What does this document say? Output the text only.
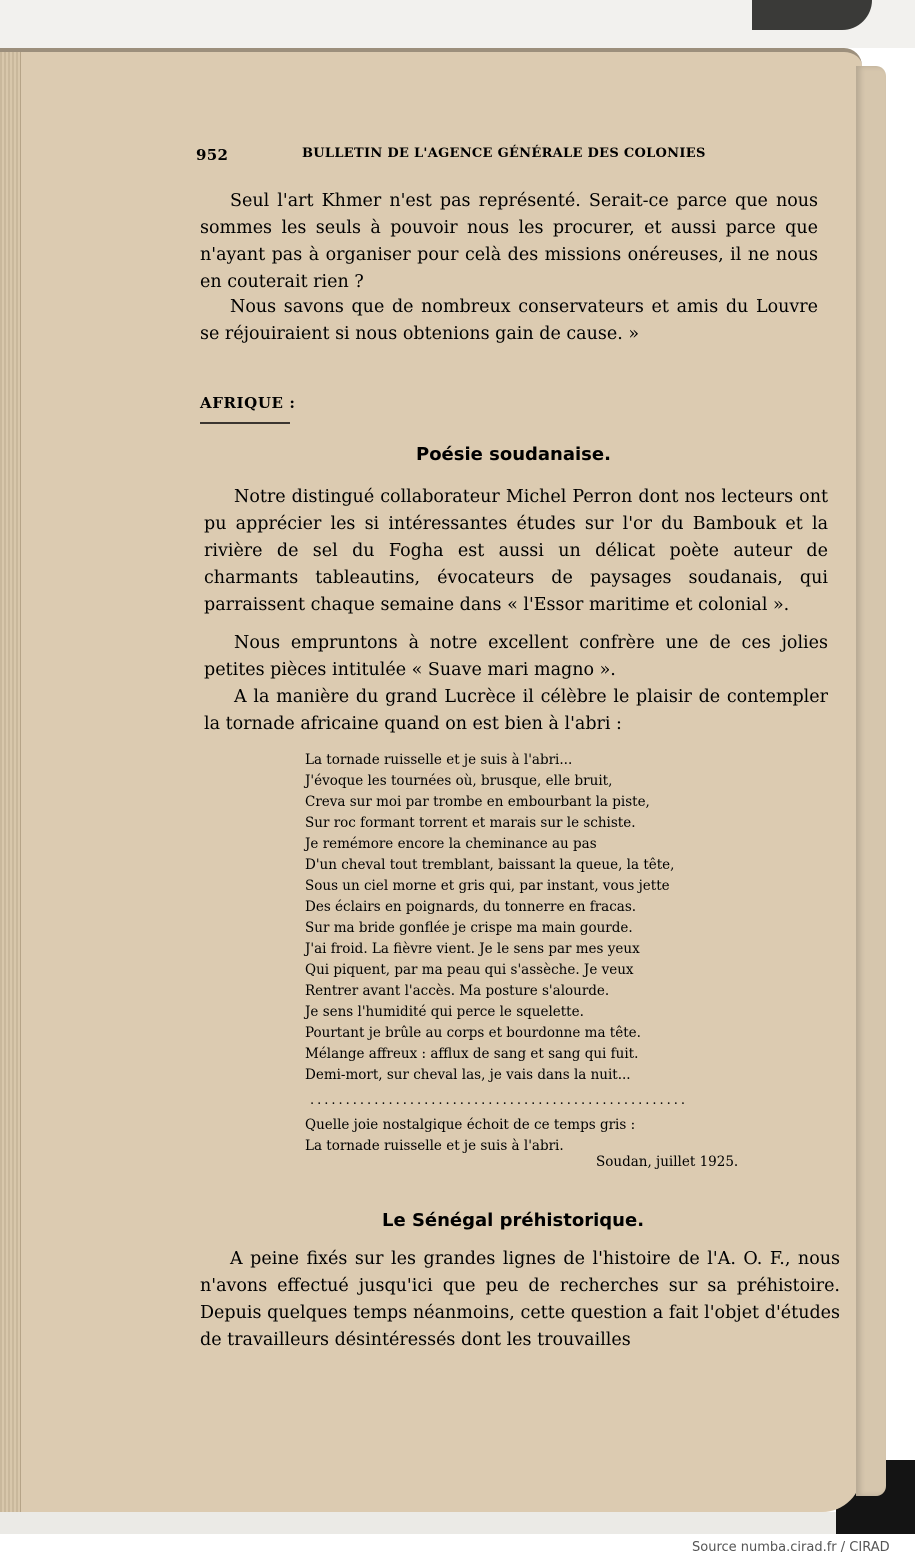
952	BULLETIN DE L'AGENCE GÉNÉRALE DES COLONIES
Seul l'art Khmer n'est pas représenté. Serait-ce parce que nous sommes les seuls à pouvoir nous les procurer, et aussi parce que n'ayant pas à organiser pour celà des missions onéreuses, il ne nous en couterait rien ?
Nous savons que de nombreux conservateurs et amis du Louvre se réjouiraient si nous obtenions gain de cause. »
AFRIQUE :
Poésie soudanaise.
Notre distingué collaborateur Michel Perron dont nos lecteurs ont pu apprécier les si intéressantes études sur l'or du Bambouk et la rivière de sel du Fogha est aussi un délicat poète auteur de charmants tableautins, évocateurs de paysages soudanais, qui parraissent chaque semaine dans « l'Essor maritime et colonial ».
Nous empruntons à notre excellent confrère une de ces jolies petites pièces intitulée « Suave mari magno ».
A la manière du grand Lucrèce il célèbre le plaisir de contempler la tornade africaine quand on est bien à l'abri :
La tornade ruisselle et je suis à l'abri...
J'évoque les tournées où, brusque, elle bruit,
Creva sur moi par trombe en embourbant la piste,
Sur roc formant torrent et marais sur le schiste.
Je remémore encore la cheminance au pas
D'un cheval tout tremblant, baissant la queue, la tête,
Sous un ciel morne et gris qui, par instant, vous jette
Des éclairs en poignards, du tonnerre en fracas.
Sur ma bride gonflée je crispe ma main gourde.
J'ai froid. La fièvre vient. Je le sens par mes yeux
Qui piquent, par ma peau qui s'assèche. Je veux
Rentrer avant l'accès. Ma posture s'alourde.
Je sens l'humidité qui perce le squelette.
Pourtant je brûle au corps et bourdonne ma tête.
Mélange affreux : afflux de sang et sang qui fuit.
Demi-mort, sur cheval las, je vais dans la nuit...
Quelle joie nostalgique échoit de ce temps gris :
La tornade ruisselle et je suis à l'abri.
.....................................................
Soudan, juillet 1925.
Le Sénégal préhistorique.
A peine fixés sur les grandes lignes de l'histoire de l'A. O. F., nous n'avons effectué jusqu'ici que peu de recherches sur sa préhistoire. Depuis quelques temps néanmoins, cette question a fait l'objet d'études de travailleurs désintéressés dont les trouvailles
Source numba.cirad.fr / CIRAD
